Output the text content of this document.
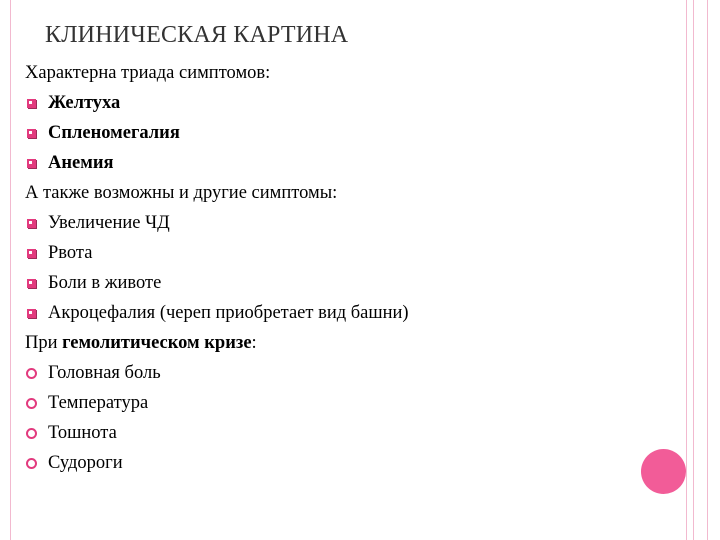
КЛИНИЧЕСКАЯ КАРТИНА
Характерна триада симптомов:
Желтуха
Спленомегалия
Анемия
А также возможны и другие симптомы:
Увеличение ЧД
Рвота
Боли в животе
Акроцефалия (череп приобретает вид башни)
При гемолитическом кризе :
Головная боль
Температура
Тошнота
Судороги
